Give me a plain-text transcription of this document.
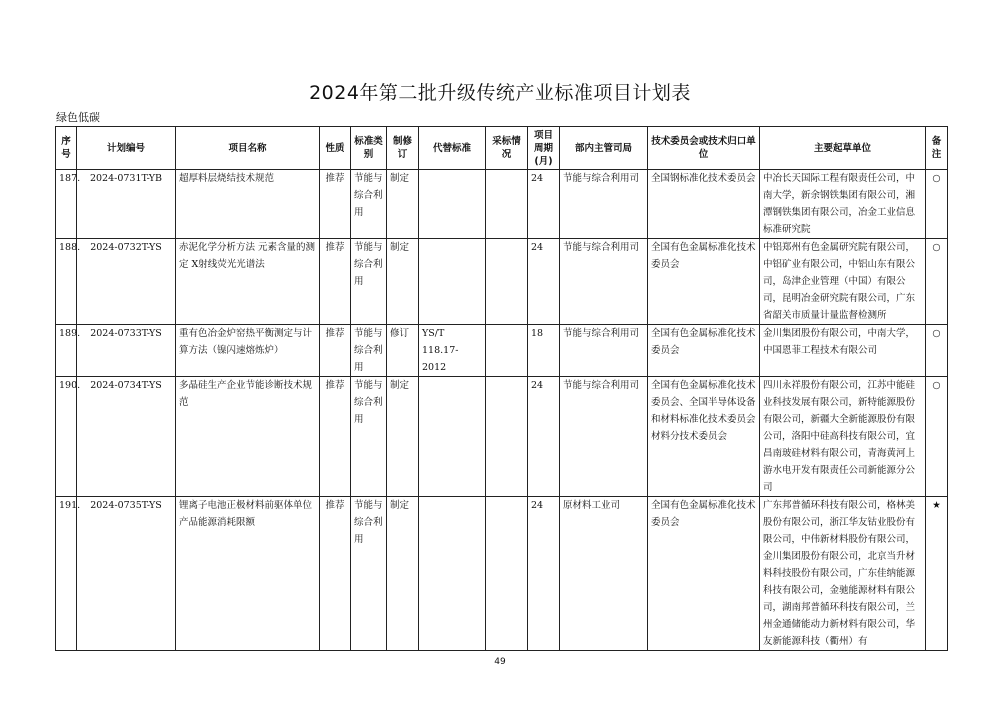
2024年第二批升级传统产业标准项目计划表
绿色低碳
序号	计划编号	项目名称	性质	标准类别	制修订	代替标准	采标情况	项目周期(月)	部内主管司局	技术委员会或技术归口单位	主要起草单位	备注
187.	2024-0731T-YB	超厚料层烧结技术规范	推荐	节能与综合利用	制定			24	节能与综合利用司	全国钢标准化技术委员会	中冶长天国际工程有限责任公司，中南大学，新余钢铁集团有限公司，湘潭钢铁集团有限公司，冶金工业信息标准研究院	○
188.	2024-0732T-YS	赤泥化学分析方法 元素含量的测定 X射线荧光光谱法	推荐	节能与综合利用	制定			24	节能与综合利用司	全国有色金属标准化技术委员会	中铝郑州有色金属研究院有限公司，中铝矿业有限公司，中铝山东有限公司，岛津企业管理（中国）有限公司，昆明冶金研究院有限公司，广东省韶关市质量计量监督检测所	○
189.	2024-0733T-YS	重有色冶金炉窑热平衡测定与计算方法（镍闪速熔炼炉）	推荐	节能与综合利用	修订	YS/T 118.17-2012		18	节能与综合利用司	全国有色金属标准化技术委员会	金川集团股份有限公司，中南大学，中国恩菲工程技术有限公司	○
190.	2024-0734T-YS	多晶硅生产企业节能诊断技术规范	推荐	节能与综合利用	制定			24	节能与综合利用司	全国有色金属标准化技术委员会、全国半导体设备和材料标准化技术委员会材料分技术委员会	四川永祥股份有限公司，江苏中能硅业科技发展有限公司，新特能源股份有限公司，新疆大全新能源股份有限公司，洛阳中硅高科技有限公司，宜昌南玻硅材料有限公司，青海黄河上游水电开发有限责任公司新能源分公司	○
191.	2024-0735T-YS	锂离子电池正极材料前驱体单位产品能源消耗限额	推荐	节能与综合利用	制定			24	原材料工业司	全国有色金属标准化技术委员会	广东邦普循环科技有限公司，格林美股份有限公司，浙江华友钴业股份有限公司，中伟新材料股份有限公司，金川集团股份有限公司，北京当升材料科技股份有限公司，广东佳纳能源科技有限公司，金驰能源材料有限公司，湖南邦普循环科技有限公司，兰州金通储能动力新材料有限公司，华友新能源科技（衢州）有	★
49
